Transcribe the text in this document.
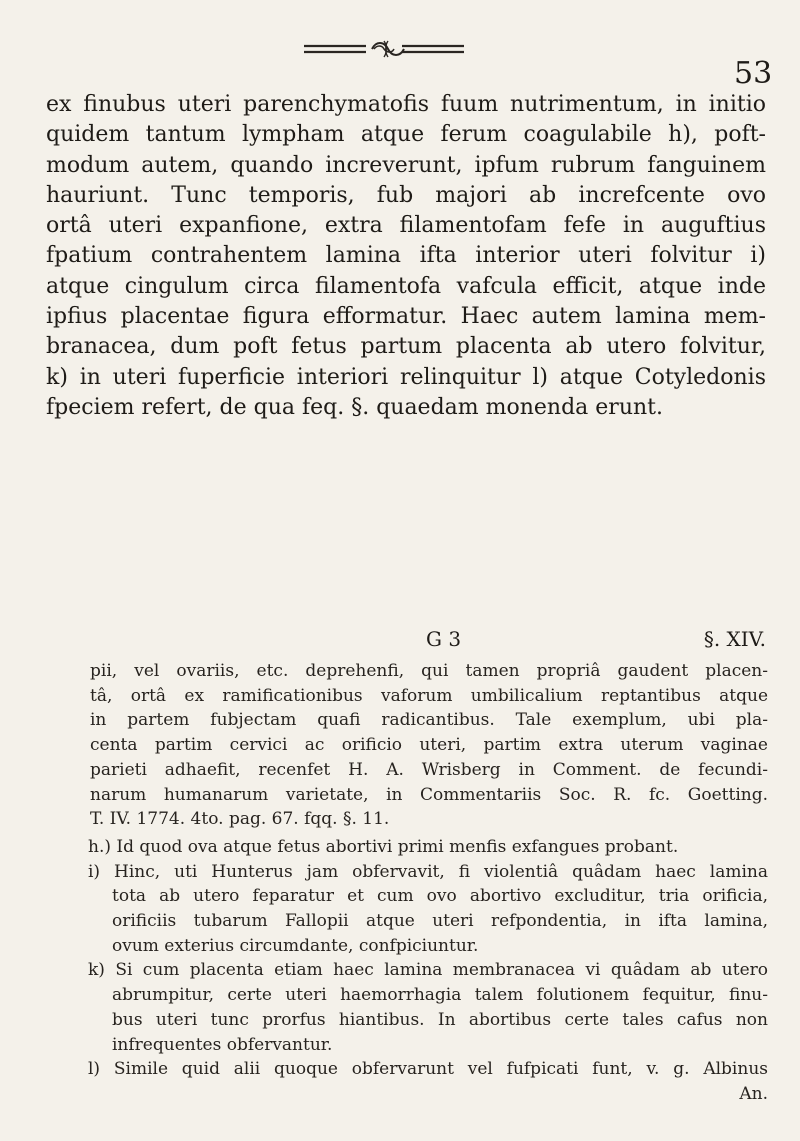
53
ex finubus uteri parenchymatofis fuum nutrimentum, in initio
quidem tantum lympham atque ferum coagulabile h), poft-
modum autem, quando increverunt, ipfum rubrum fanguinem
hauriunt. Tunc temporis, fub majori ab increfcente ovo
ortâ uteri expanfione, extra filamentofam fefe in auguftius
fpatium contrahentem lamina ifta interior uteri folvitur i)
atque cingulum circa filamentofa vafcula efficit, atque inde
ipfius placentae figura efformatur. Haec autem lamina mem-
branacea, dum poft fetus partum placenta ab utero folvitur,
k) in uteri fuperficie interiori relinquitur l) atque Cotyledonis
fpeciem refert, de qua feq. §. quaedam monenda erunt.
G 3	§. XIV.
pii, vel ovariis, etc. deprehenfi, qui tamen propriâ gaudent placen-
tâ, ortâ ex ramificationibus vaforum umbilicalium reptantibus atque
in partem fubjectam quafi radicantibus. Tale exemplum, ubi pla-
centa partim cervici ac orificio uteri, partim extra uterum vaginae
parieti adhaefit, recenfet H. A. Wrisberg in Comment. de fecundi-
narum humanarum varietate, in Commentariis Soc. R. fc. Goetting.
T. IV. 1774. 4to. pag. 67. fqq. §. 11.
h.) Id quod ova atque fetus abortivi primi menfis exfangues probant.
i) Hinc, uti Hunterus jam obfervavit, fi violentiâ quâdam haec lamina
tota ab utero feparatur et cum ovo abortivo excluditur, tria orificia,
orificiis tubarum Fallopii atque uteri refpondentia, in ifta lamina,
ovum exterius circumdante, confpiciuntur.
k) Si cum placenta etiam haec lamina membranacea vi quâdam ab utero
abrumpitur, certe uteri haemorrhagia talem folutionem fequitur, finu-
bus uteri tunc prorfus hiantibus. In abortibus certe tales cafus non
infrequentes obfervantur.
l) Simile quid alii quoque obfervarunt vel fufpicati funt, v. g. Albinus
An.
